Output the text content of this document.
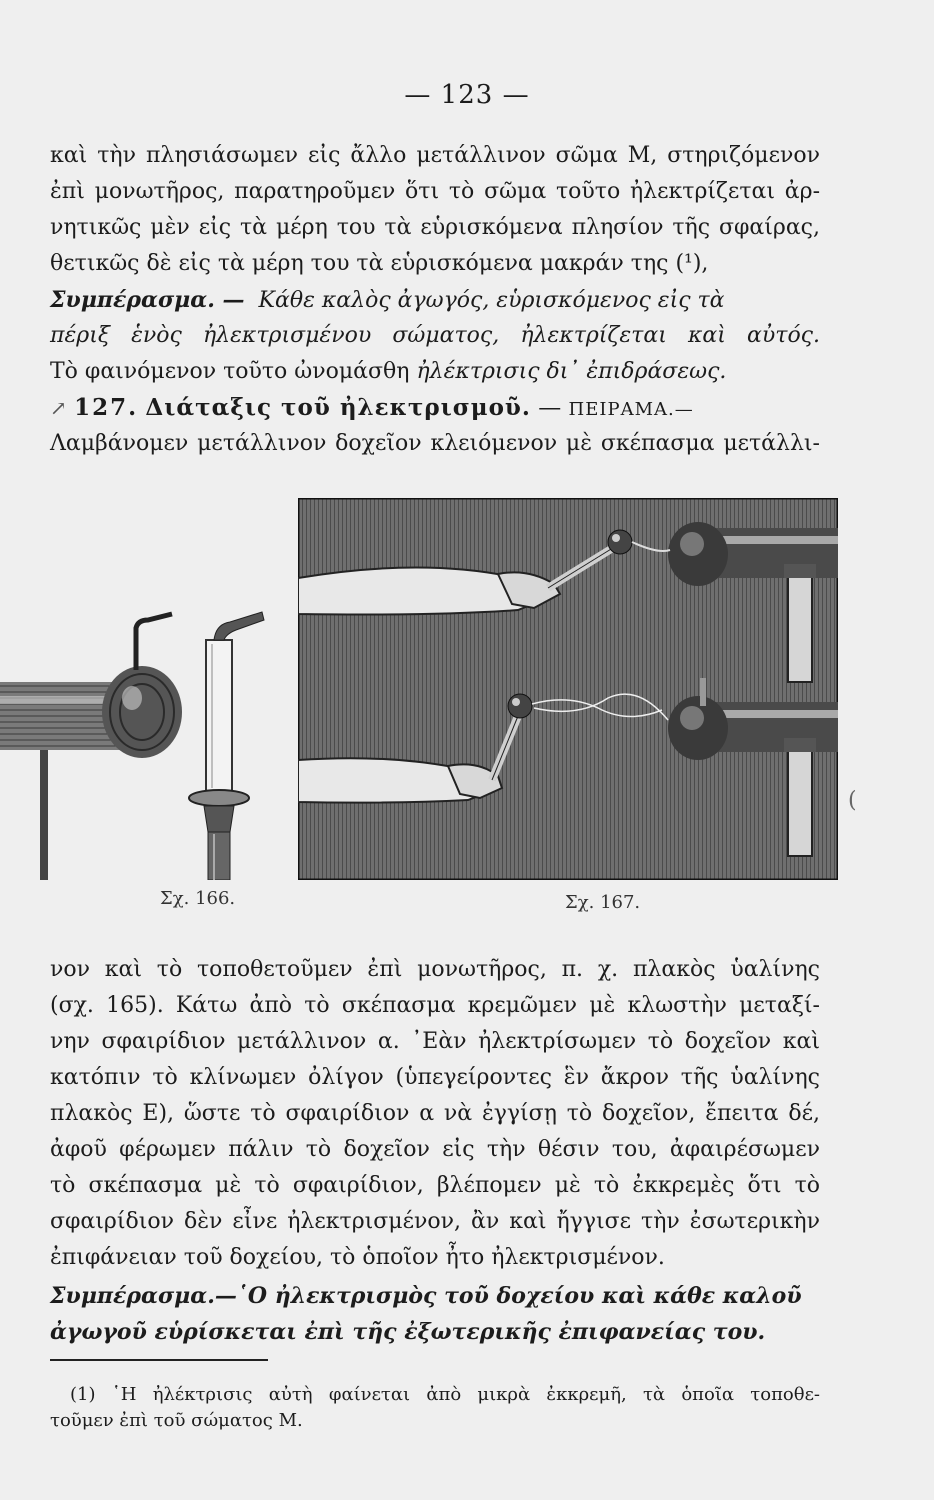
— 123 —
καὶ τὴν πλησιάσωμεν εἰς ἄλλο μετάλλινον σῶμα Μ, στηριζόμενον
ἐπὶ μονωτῆρος, παρατηροῦμεν ὅτι τὸ σῶμα τοῦτο ἠλεκτρίζεται ἀρ-
νητικῶς μὲν εἰς τὰ μέρη του τὰ εὑρισκόμενα πλησίον τῆς σφαίρας,
θετικῶς δὲ εἰς τὰ μέρη του τὰ εὑρισκόμενα μακράν της (¹),
Συμπέρασμα. — Κάθε καλὸς ἀγωγός, εὑρισκόμενος εἰς τὰ
πέριξ ἑνὸς ἠλεκτρισμένου σώματος, ἠλεκτρίζεται καὶ αὐτός.
Τὸ φαινόμενον τοῦτο ὠνομάσθη ἠλέκτρισις δι᾿ ἐπιδράσεως.
↗ 127. Διάταξις τοῦ ἠλεκτρισμοῦ. — ΠΕΙΡΑΜΑ.—
Λαμβάνομεν μετάλλινον δοχεῖον κλειόμενον μὲ σκέπασμα μετάλλι-
Σχ. 166.	Σχ. 167.
(
νον καὶ τὸ τοποθετοῦμεν ἐπὶ μονωτῆρος, π. χ. πλακὸς ὑαλίνης
(σχ. 165). Κάτω ἀπὸ τὸ σκέπασμα κρεμῶμεν μὲ κλωστὴν μεταξί-
νην σφαιρίδιον μετάλλινον α. ᾿Εὰν ἠλεκτρίσωμεν τὸ δοχεῖον καὶ
κατόπιν τὸ κλίνωμεν ὀλίγον (ὑπεγείροντες ἓν ἄκρον τῆς ὑαλίνης
πλακὸς Ε), ὥστε τὸ σφαιρίδιον α νὰ ἐγγίσῃ τὸ δοχεῖον, ἔπειτα δέ,
ἀφοῦ φέρωμεν πάλιν τὸ δοχεῖον εἰς τὴν θέσιν του, ἀφαιρέσωμεν
τὸ σκέπασμα μὲ τὸ σφαιρίδιον, βλέπομεν μὲ τὸ ἐκκρεμὲς ὅτι τὸ
σφαιρίδιον δὲν εἶνε ἠλεκτρισμένον, ἂν καὶ ἤγγισε τὴν ἐσωτερικὴν
ἐπιφάνειαν τοῦ δοχείου, τὸ ὁποῖον ἦτο ἠλεκτρισμένον.
Συμπέρασμα.—῾Ο ἠλεκτρισμὸς τοῦ δοχείου καὶ κάθε καλοῦ
ἀγωγοῦ εὑρίσκεται ἐπὶ τῆς ἐξωτερικῆς ἐπιφανείας του.
(1) ῾Η ἠλέκτρισις αὐτὴ φαίνεται ἀπὸ μικρὰ ἐκκρεμῆ, τὰ ὁποῖα τοποθε-
τοῦμεν ἐπὶ τοῦ σώματος Μ.
